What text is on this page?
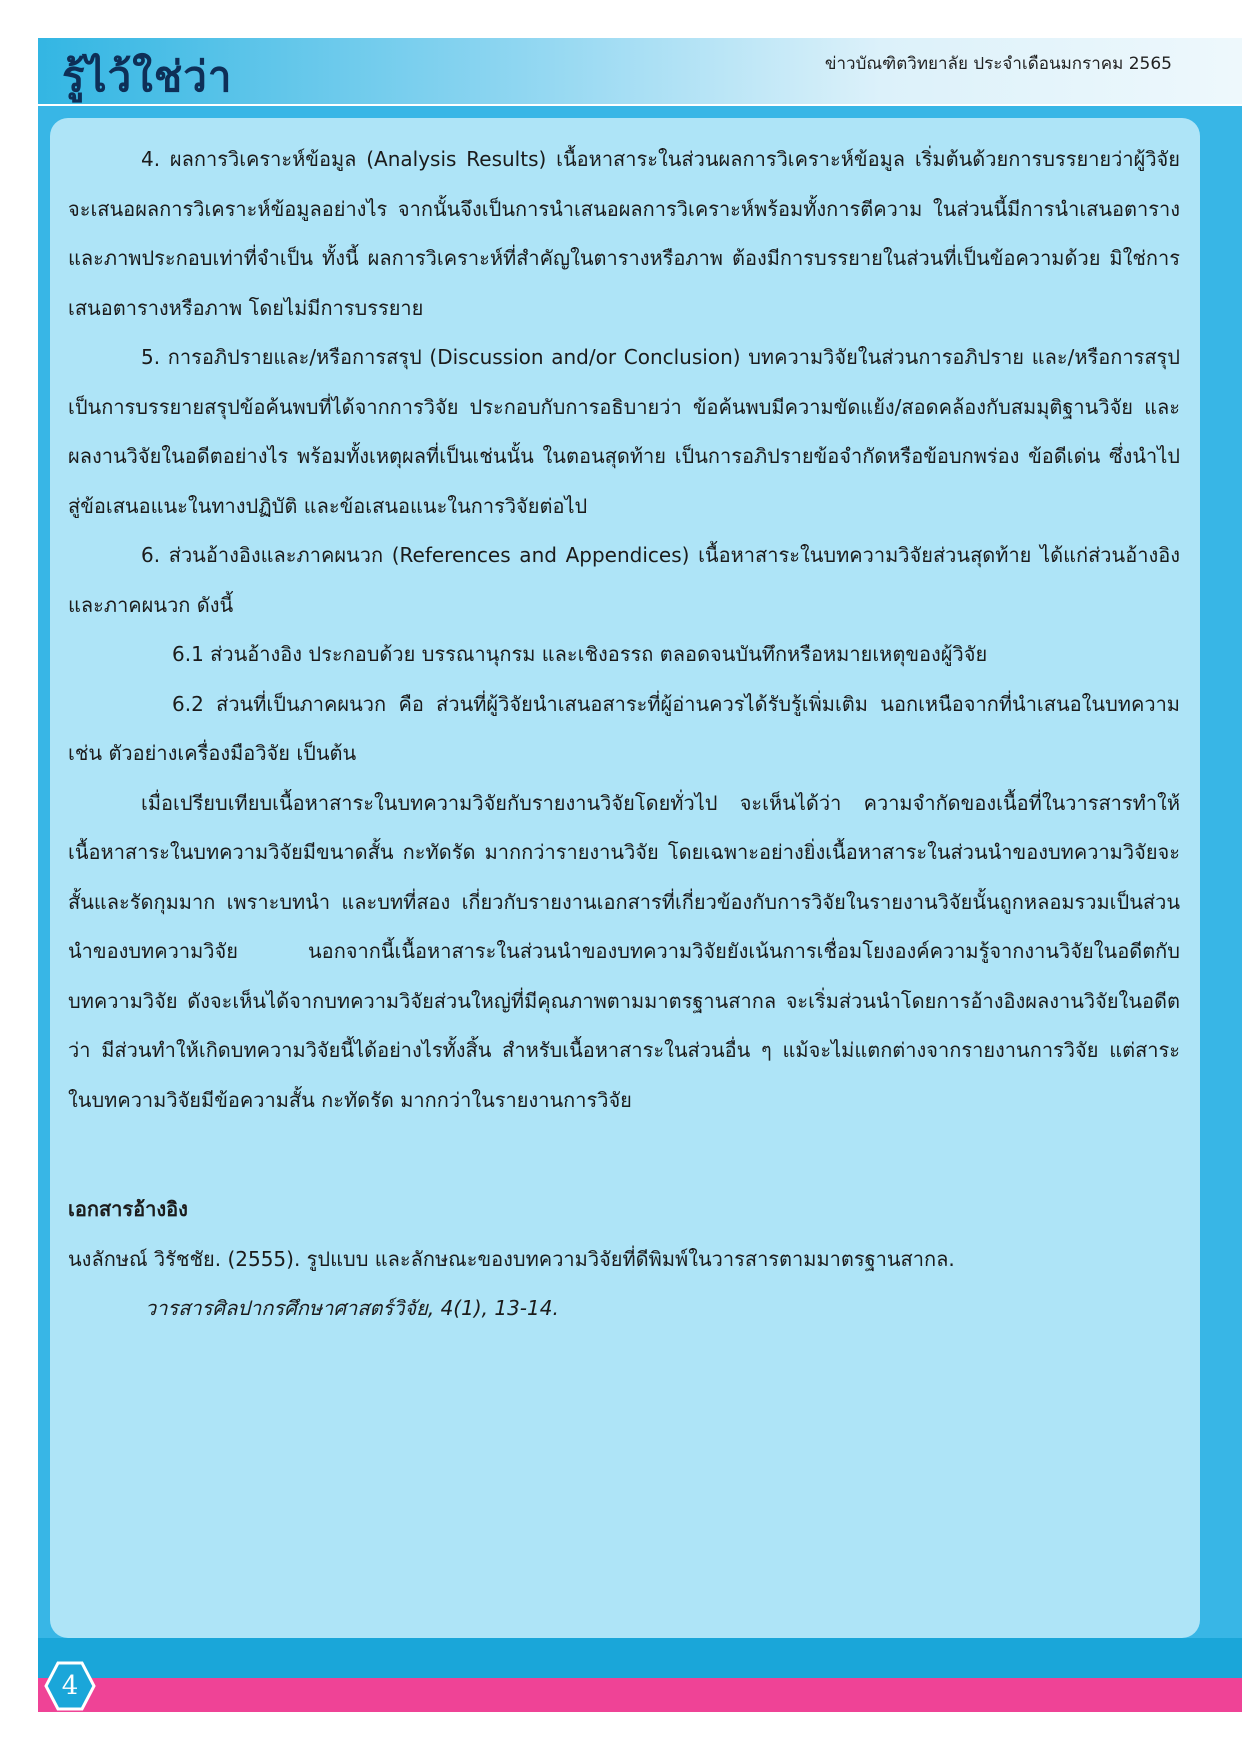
รู้ไว้ใช่ว่า	ข่าวบัณฑิตวิทยาลัย ประจำเดือนมกราคม 2565

4. ผลการวิเคราะห์ข้อมูล (Analysis Results) เนื้อหาสาระในส่วนผลการวิเคราะห์ข้อมูล เริ่มต้นด้วยการบรรยายว่าผู้วิจัยจะเสนอผลการวิเคราะห์ข้อมูลอย่างไร จากนั้นจึงเป็นการนำเสนอผลการวิเคราะห์พร้อมทั้งการตีความ ในส่วนนี้มีการนำเสนอตารางและภาพประกอบเท่าที่จำเป็น ทั้งนี้ ผลการวิเคราะห์ที่สำคัญในตารางหรือภาพ ต้องมีการบรรยายในส่วนที่เป็นข้อความด้วย มิใช่การเสนอตารางหรือภาพ โดยไม่มีการบรรยาย

5. การอภิปรายและ/หรือการสรุป (Discussion and/or Conclusion) บทความวิจัยในส่วนการอภิปราย และ/หรือการสรุป เป็นการบรรยายสรุปข้อค้นพบที่ได้จากการวิจัย ประกอบกับการอธิบายว่า ข้อค้นพบมีความขัดแย้ง/สอดคล้องกับสมมุติฐานวิจัย และผลงานวิจัยในอดีตอย่างไร พร้อมทั้งเหตุผลที่เป็นเช่นนั้น ในตอนสุดท้าย เป็นการอภิปรายข้อจำกัดหรือข้อบกพร่อง ข้อดีเด่น ซึ่งนำไปสู่ข้อเสนอแนะในทางปฏิบัติ และข้อเสนอแนะในการวิจัยต่อไป

6. ส่วนอ้างอิงและภาคผนวก (References and Appendices) เนื้อหาสาระในบทความวิจัยส่วนสุดท้าย ได้แก่ส่วนอ้างอิงและภาคผนวก ดังนี้

6.1 ส่วนอ้างอิง ประกอบด้วย บรรณานุกรม และเชิงอรรถ ตลอดจนบันทึกหรือหมายเหตุของผู้วิจัย

6.2 ส่วนที่เป็นภาคผนวก คือ ส่วนที่ผู้วิจัยนำเสนอสาระที่ผู้อ่านควรได้รับรู้เพิ่มเติม นอกเหนือจากที่นำเสนอในบทความ เช่น ตัวอย่างเครื่องมือวิจัย เป็นต้น

เมื่อเปรียบเทียบเนื้อหาสาระในบทความวิจัยกับรายงานวิจัยโดยทั่วไป จะเห็นได้ว่า ความจำกัดของเนื้อที่ในวารสารทำให้เนื้อหาสาระในบทความวิจัยมีขนาดสั้น กะทัดรัด มากกว่ารายงานวิจัย โดยเฉพาะอย่างยิ่งเนื้อหาสาระในส่วนนำของบทความวิจัยจะสั้นและรัดกุมมาก เพราะบทนำ และบทที่สอง เกี่ยวกับรายงานเอกสารที่เกี่ยวข้องกับการวิจัยในรายงานวิจัยนั้นถูกหลอมรวมเป็นส่วนนำของบทความวิจัย นอกจากนี้เนื้อหาสาระในส่วนนำของบทความวิจัยยังเน้นการเชื่อมโยงองค์ความรู้จากงานวิจัยในอดีตกับบทความวิจัย ดังจะเห็นได้จากบทความวิจัยส่วนใหญ่ที่มีคุณภาพตามมาตรฐานสากล จะเริ่มส่วนนำโดยการอ้างอิงผลงานวิจัยในอดีตว่า มีส่วนทำให้เกิดบทความวิจัยนี้ได้อย่างไรทั้งสิ้น สำหรับเนื้อหาสาระในส่วนอื่น ๆ แม้จะไม่แตกต่างจากรายงานการวิจัย แต่สาระในบทความวิจัยมีข้อความสั้น กะทัดรัด มากกว่าในรายงานการวิจัย

เอกสารอ้างอิง

นงลักษณ์ วิรัชชัย. (2555). รูปแบบ และลักษณะของบทความวิจัยที่ดีพิมพ์ในวารสารตามมาตรฐานสากล.

วารสารศิลปากรศึกษาศาสตร์วิจัย, 4(1), 13-14.

4
